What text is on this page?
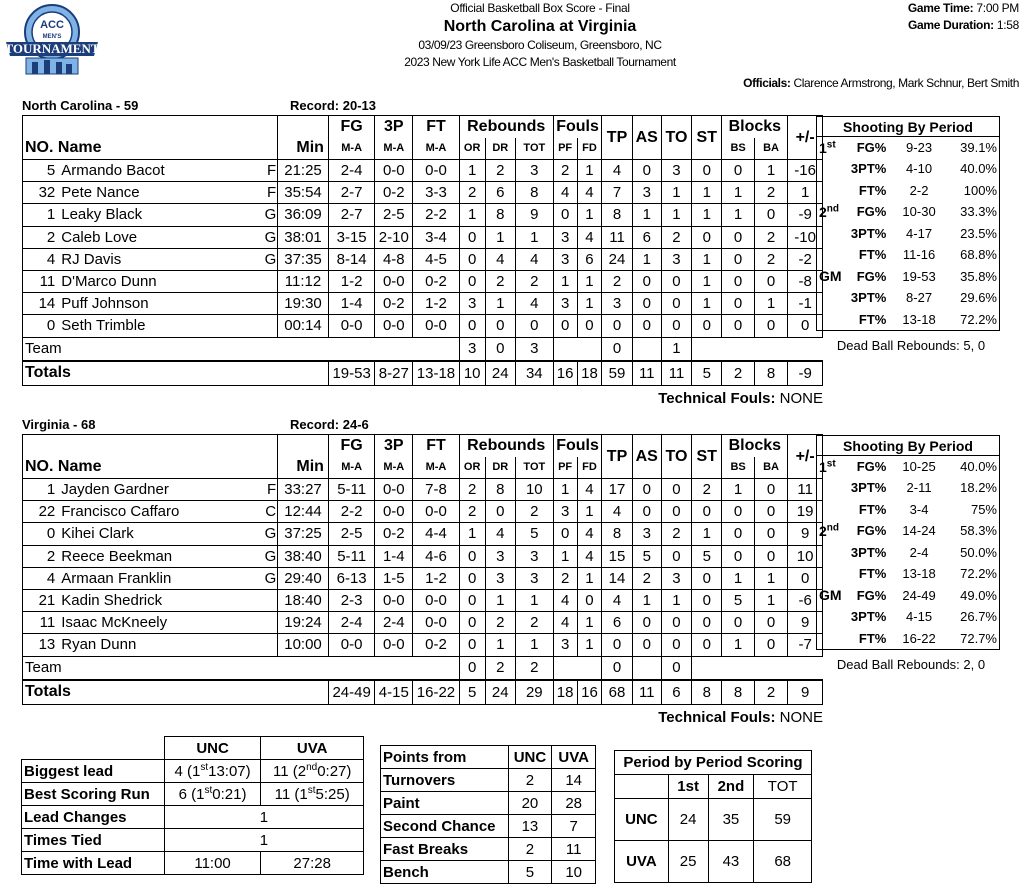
ACC
MEN'S
TOURNAMENT
Official Basketball Box Score - Final
North Carolina at Virginia
03/09/23 Greensboro Coliseum, Greensboro, NC
2023 New York Life ACC Men's Basketball Tournament
Game Time: 7:00 PM
Game Duration: 1:58
Officials: Clarence Armstrong, Mark Schnur, Bert Smith
North Carolina - 59	Record: 20-13
				FG	3P	FT	Rebounds			Fouls		TP	AS	TO	ST	Blocks		+/-
NO. Name			Min	M-A	M-A	M-A	OR	DR	TOT	PF	FD					BS	BA	
5	Armando Bacot	F	21:25	2-4	0-0	0-0	1	2	3	2	1	4	0	3	0	0	1	-16
32	Pete Nance	F	35:54	2-7	0-2	3-3	2	6	8	4	4	7	3	1	1	1	2	1
1	Leaky Black	G	36:09	2-7	2-5	2-2	1	8	9	0	1	8	1	1	1	1	0	-9
2	Caleb Love	G	38:01	3-15	2-10	3-4	0	1	1	3	4	11	6	2	0	0	2	-10
4	RJ Davis	G	37:35	8-14	4-8	4-5	0	4	4	3	6	24	1	3	1	0	2	-2
11	D'Marco Dunn		11:12	1-2	0-0	0-2	0	2	2	1	1	2	0	0	1	0	0	-8
14	Puff Johnson		19:30	1-4	0-2	1-2	3	1	4	3	1	3	0	0	1	0	1	-1
0	Seth Trimble		00:14	0-0	0-0	0-0	0	0	0	0	0	0	0	0	0	0	0	0
Team							3	0	3			0		1				
Totals				19-53	8-27	13-18	10	24	34	16	18	59	11	11	5	2	8	-9
Technical Fouls: NONE
Virginia - 68	Record: 24-6
				FG	3P	FT	Rebounds			Fouls		TP	AS	TO	ST	Blocks		+/-
NO. Name			Min	M-A	M-A	M-A	OR	DR	TOT	PF	FD					BS	BA	
1	Jayden Gardner	F	33:27	5-11	0-0	7-8	2	8	10	1	4	17	0	0	2	1	0	11
22	Francisco Caffaro	C	12:44	2-2	0-0	0-0	2	0	2	3	1	4	0	0	0	0	0	19
0	Kihei Clark	G	37:25	2-5	0-2	4-4	1	4	5	0	4	8	3	2	1	0	0	9
2	Reece Beekman	G	38:40	5-11	1-4	4-6	0	3	3	1	4	15	5	0	5	0	0	10
4	Armaan Franklin	G	29:40	6-13	1-5	1-2	0	3	3	2	1	14	2	3	0	1	1	0
21	Kadin Shedrick		18:40	2-3	0-0	0-0	0	1	1	4	0	4	1	1	0	5	1	-6
11	Isaac McKneely		19:24	2-4	2-4	0-0	0	2	2	4	1	6	0	0	0	0	0	9
13	Ryan Dunn		10:00	0-0	0-0	0-2	0	1	1	3	1	0	0	0	0	1	0	-7
Team							0	2	2			0		0				
Totals				24-49	4-15	16-22	5	24	29	18	16	68	11	6	8	8	2	9
Technical Fouls: NONE
Shooting By Period			
1st	FG%	9-23	39.1%
	3PT%	4-10	40.0%
	FT%	2-2	100%
2nd	FG%	10-30	33.3%
	3PT%	4-17	23.5%
	FT%	11-16	68.8%
GM	FG%	19-53	35.8%
	3PT%	8-27	29.6%
	FT%	13-18	72.2%
Dead Ball Rebounds: 5, 0
Shooting By Period			
1st	FG%	10-25	40.0%
	3PT%	2-11	18.2%
	FT%	3-4	75%
2nd	FG%	14-24	58.3%
	3PT%	2-4	50.0%
	FT%	13-18	72.2%
GM	FG%	24-49	49.0%
	3PT%	4-15	26.7%
	FT%	16-22	72.7%
Dead Ball Rebounds: 2, 0
	UNC	UVA
Biggest lead	4 (1st13:07)	11 (2nd0:27)
Best Scoring Run	6 (1st0:21)	11 (1st5:25)
Lead Changes	1	
Times Tied	1	
Time with Lead	11:00	27:28
Points from	UNC	UVA
Turnovers	2	14
Paint	20	28
Second Chance	13	7
Fast Breaks	2	11
Bench	5	10
Period by Period Scoring			
	1st	2nd	TOT
UNC	24	35	59
UVA	25	43	68
